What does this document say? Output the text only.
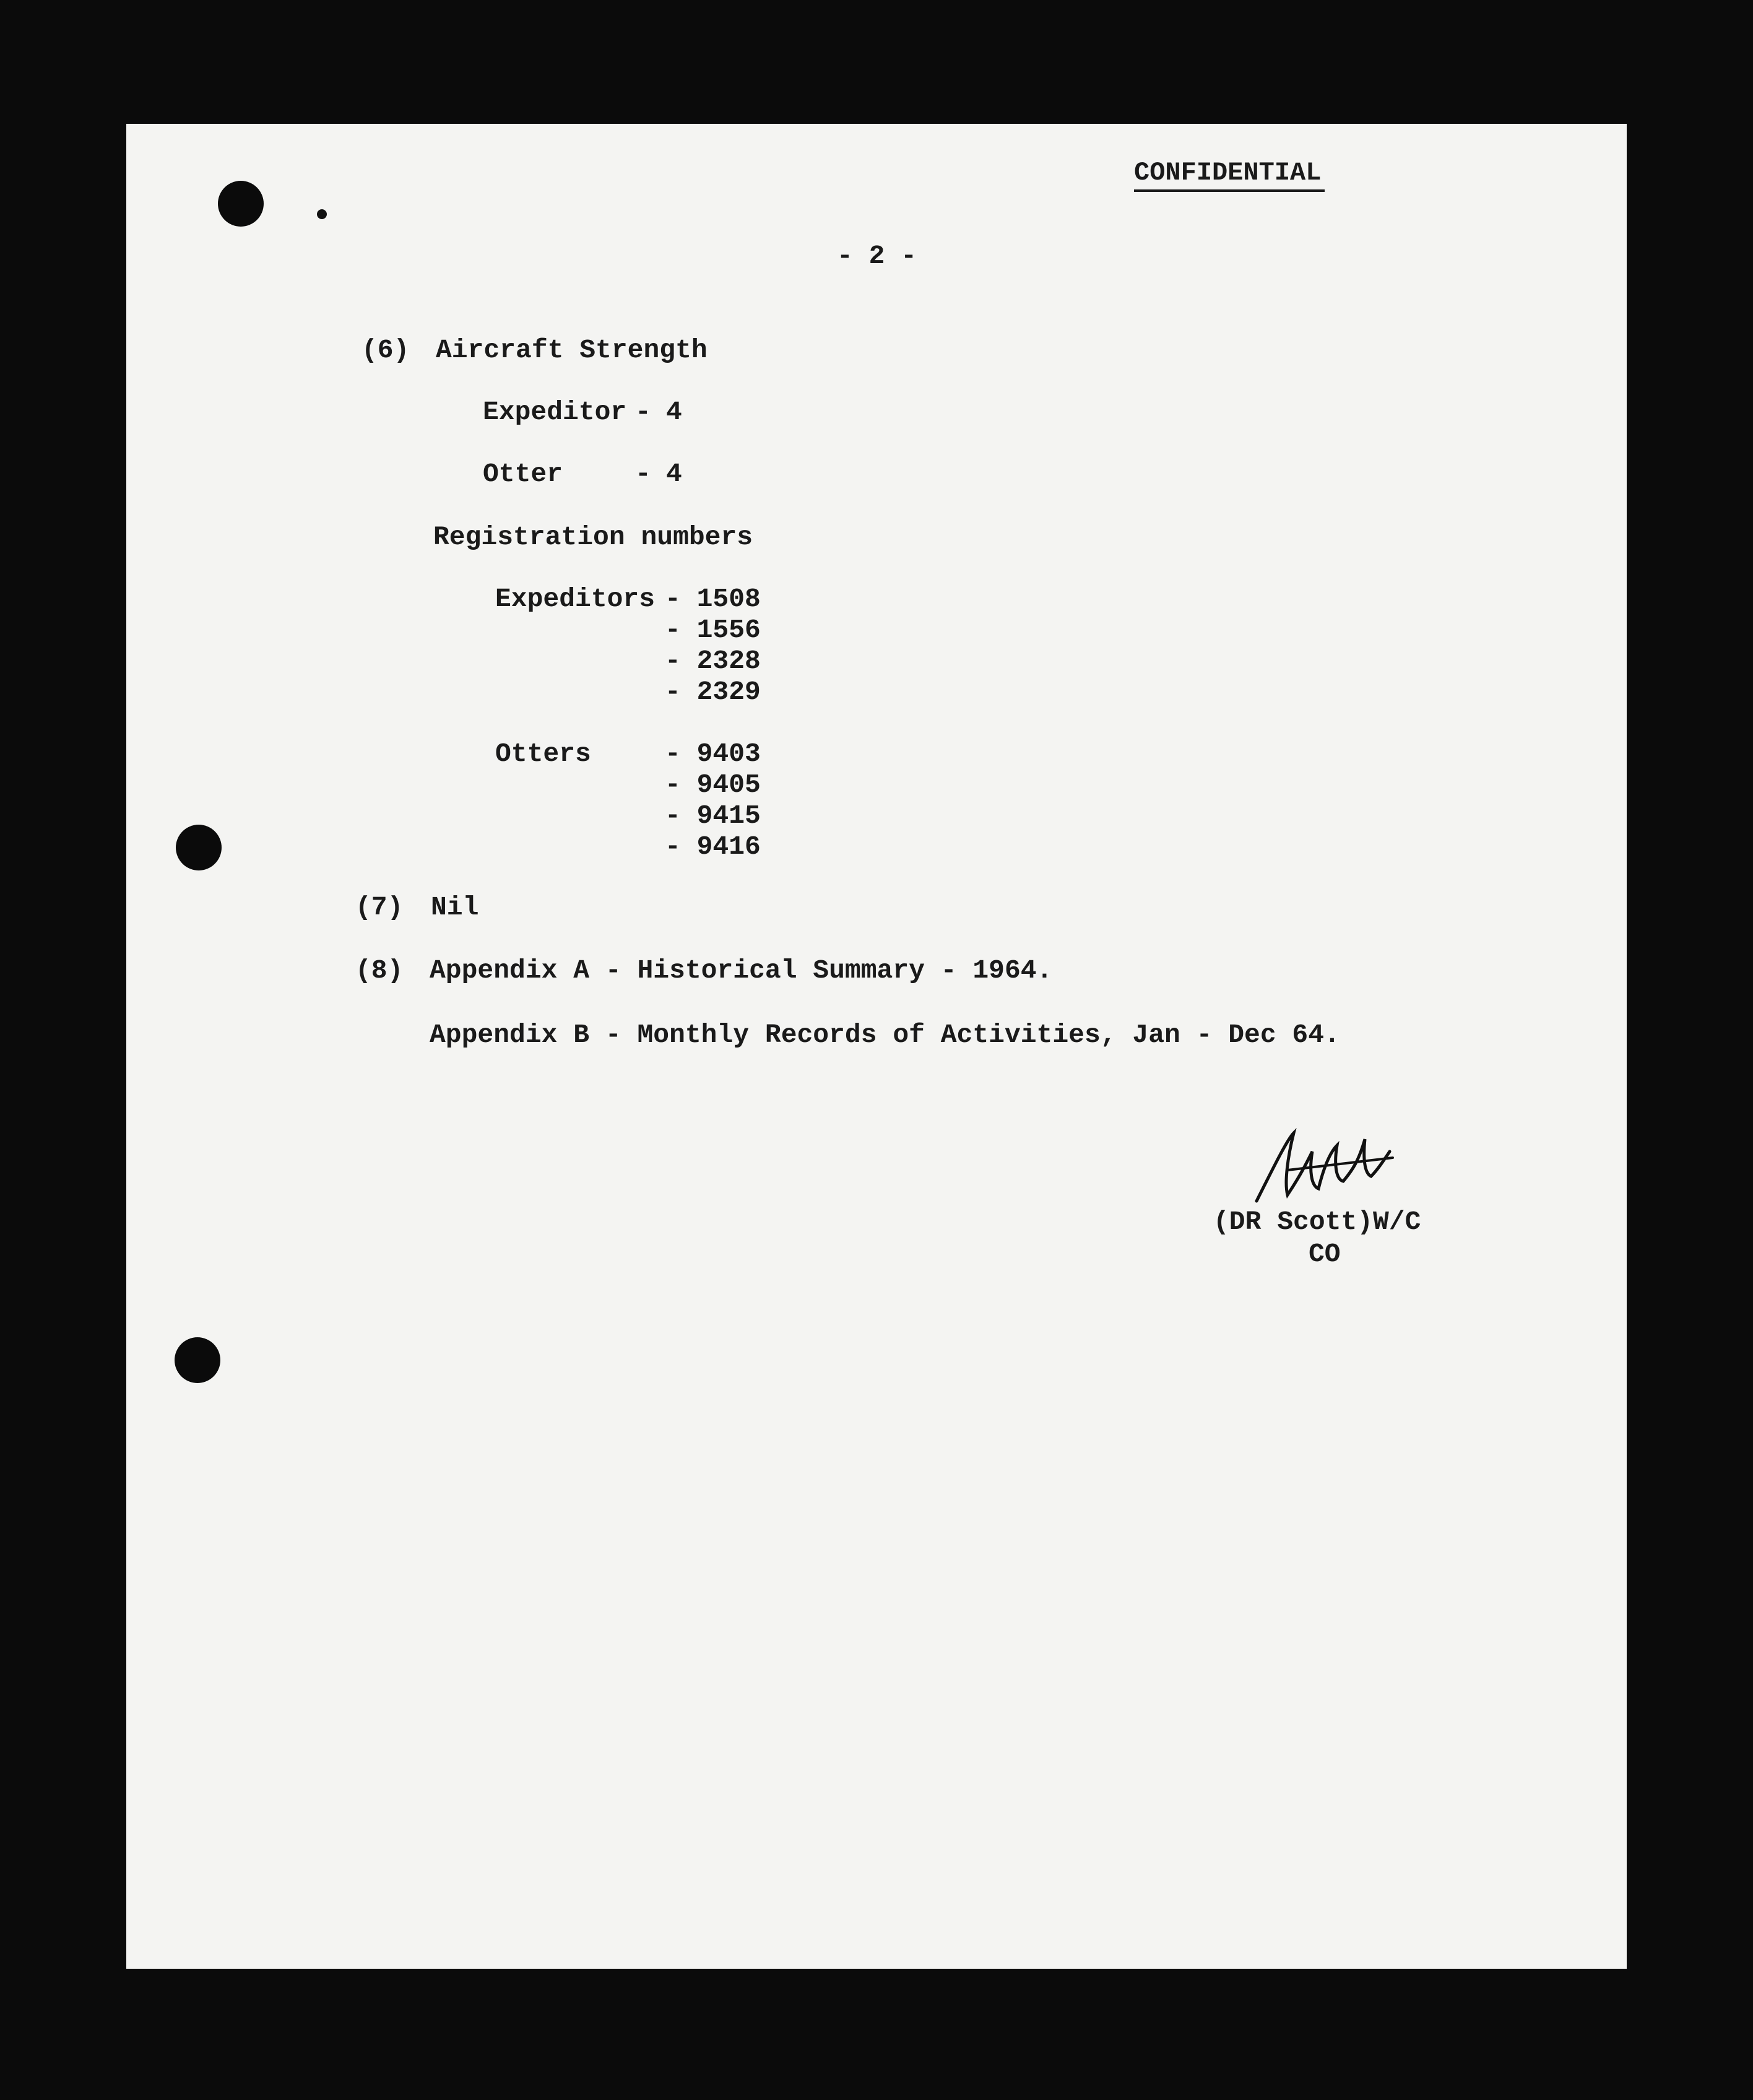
CONFIDENTIAL
- 2 -
(6) Aircraft Strength
Expeditor - 4
Otter	- 4
Registration numbers
Expeditors - 1508
- 1556
- 2328
- 2329
Otters	- 9403
- 9405
- 9415
- 9416
(7) Nil
(8) Appendix A - Historical Summary - 1964.
Appendix B - Monthly Records of Activities, Jan - Dec 64.
(DR Scott)W/C
CO
